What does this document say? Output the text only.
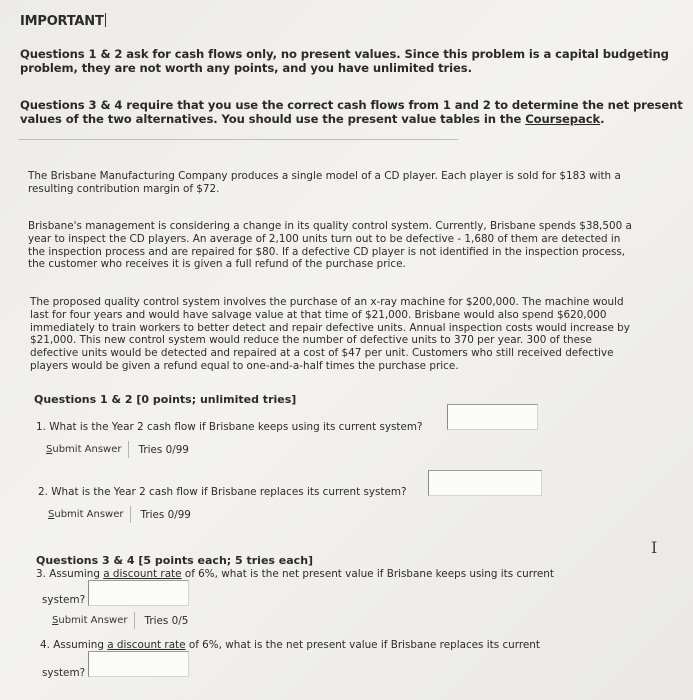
IMPORTANT
Questions 1 & 2 ask for cash flows only, no present values. Since this problem is a capital budgeting
problem, they are not worth any points, and you have unlimited tries.
Questions 3 & 4 require that you use the correct cash flows from 1 and 2 to determine the net present
values of the two alternatives. You should use the present value tables in the Coursepack.
The Brisbane Manufacturing Company produces a single model of a CD player. Each player is sold for $183 with a
resulting contribution margin of $72.
Brisbane's management is considering a change in its quality control system. Currently, Brisbane spends $38,500 a
year to inspect the CD players. An average of 2,100 units turn out to be defective - 1,680 of them are detected in
the inspection process and are repaired for $80. If a defective CD player is not identified in the inspection process,
the customer who receives it is given a full refund of the purchase price.
The proposed quality control system involves the purchase of an x-ray machine for $200,000. The machine would
last for four years and would have salvage value at that time of $21,000. Brisbane would also spend $620,000
immediately to train workers to better detect and repair defective units. Annual inspection costs would increase by
$21,000. This new control system would reduce the number of defective units to 370 per year. 300 of these
defective units would be detected and repaired at a cost of $47 per unit. Customers who still received defective
players would be given a refund equal to one-and-a-half times the purchase price.
Questions 1 & 2 [0 points; unlimited tries]
1. What is the Year 2 cash flow if Brisbane keeps using its current system?
Submit Answer	Tries 0/99
2. What is the Year 2 cash flow if Brisbane replaces its current system?
Submit Answer	Tries 0/99
I
Questions 3 & 4 [5 points each; 5 tries each]
3. Assuming a discount rate of 6%, what is the net present value if Brisbane keeps using its current
system?
Submit Answer	Tries 0/5
4. Assuming a discount rate of 6%, what is the net present value if Brisbane replaces its current
system?
